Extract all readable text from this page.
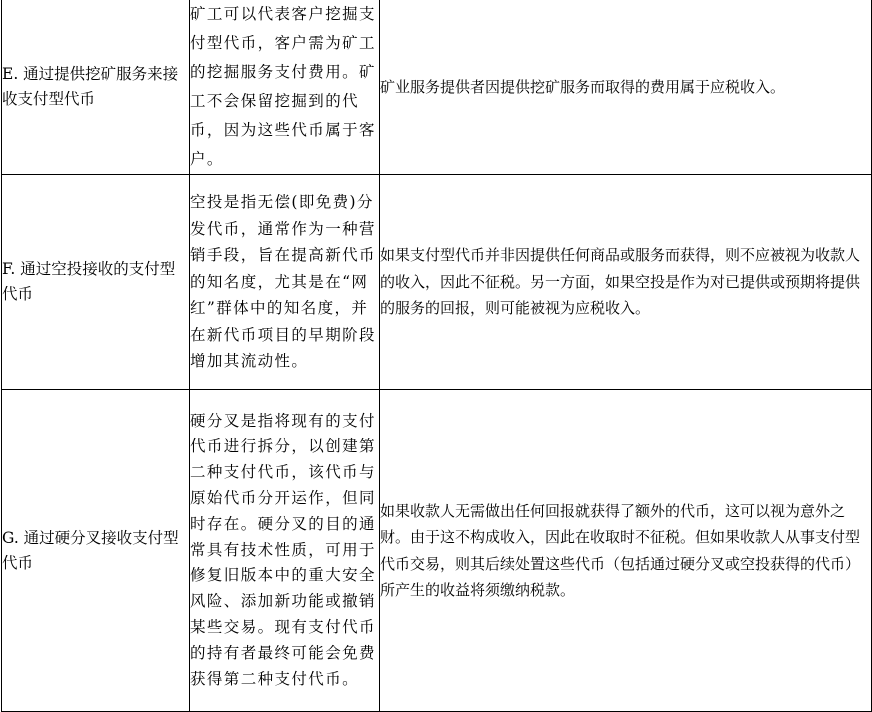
E. 通过提供挖矿服务来接收支付型代币	矿工可以代表客户挖掘支付型代币，客户需为矿工的挖掘服务支付费用。矿工不会保留挖掘到的代币，因为这些代币属于客户。	矿业服务提供者因提供挖矿服务而取得的费用属于应税收入。
F. 通过空投接收的支付型代币	空投是指无偿(即免费)分发代币，通常作为一种营销手段，旨在提高新代币的知名度，尤其是在“网红”群体中的知名度，并在新代币项目的早期阶段增加其流动性。	如果支付型代币并非因提供任何商品或服务而获得，则不应被视为收款人的收入，因此不征税。另一方面，如果空投是作为对已提供或预期将提供的服务的回报，则可能被视为应税收入。
G. 通过硬分叉接收支付型代币	硬分叉是指将现有的支付代币进行拆分，以创建第二种支付代币，该代币与原始代币分开运作，但同时存在。硬分叉的目的通常具有技术性质，可用于修复旧版本中的重大安全风险、添加新功能或撤销某些交易。现有支付代币的持有者最终可能会免费获得第二种支付代币。	如果收款人无需做出任何回报就获得了额外的代币，这可以视为意外之财。由于这不构成收入，因此在收取时不征税。但如果收款人从事支付型代币交易，则其后续处置这些代币（包括通过硬分叉或空投获得的代币）所产生的收益将须缴纳税款。
